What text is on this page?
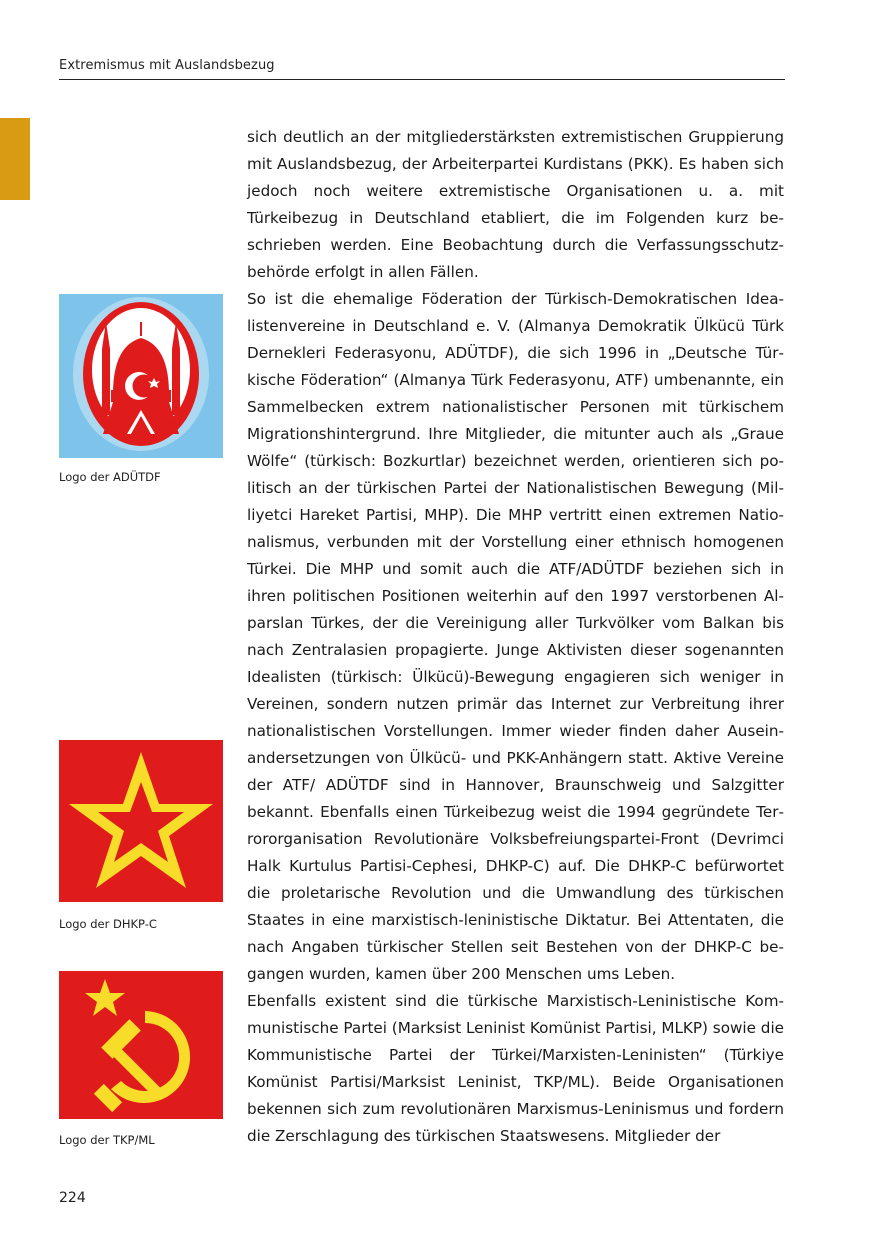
Extremismus mit Auslandsbezug
Logo der ADÜTDF
Logo der DHKP-C
Logo der TKP/ML

sich deutlich an der mitgliederstärksten extremistischen Gruppierung mit Auslandsbezug, der Arbeiterpartei Kurdistans (PKK). Es haben sich jedoch noch weitere extremistische Organisationen u. a. mit Türkeibezug in Deutschland etabliert, die im Folgenden kurz beschrieben werden. Eine Beobachtung durch die Verfassungsschutzbehörde erfolgt in allen Fällen.

So ist die ehemalige Föderation der Türkisch-Demokratischen Idealistenvereine in Deutschland e. V. (Almanya Demokratik Ülkücü Türk Dernekleri Federasyonu, ADÜTDF), die sich 1996 in „Deutsche Türkische Föderation“ (Almanya Türk Federasyonu, ATF) umbenannte, ein Sammelbecken extrem nationalistischer Personen mit türkischem Migrationshintergrund. Ihre Mitglieder, die mitunter auch als „Graue Wölfe“ (türkisch: Bozkurtlar) bezeichnet werden, orientieren sich politisch an der türkischen Partei der Nationalistischen Bewegung (Milliyetci Hareket Partisi, MHP). Die MHP vertritt einen extremen Nationalismus, verbunden mit der Vorstellung einer ethnisch homogenen Türkei. Die MHP und somit auch die ATF/ADÜTDF beziehen sich in ihren politischen Positionen weiterhin auf den 1997 verstorbenen Alparslan Türkes, der die Vereinigung aller Turkvölker vom Balkan bis nach Zentralasien propagierte. Junge Aktivisten dieser sogenannten Idealisten (türkisch: Ülkücü)-Bewegung engagieren sich weniger in Vereinen, sondern nutzen primär das Internet zur Verbreitung ihrer nationalistischen Vorstellungen. Immer wieder finden daher Auseinandersetzungen von Ülkücü- und PKK-Anhängern statt. Aktive Vereine der ATF/ ADÜTDF sind in Hannover, Braunschweig und Salzgitter bekannt. Ebenfalls einen Türkeibezug weist die 1994 gegründete Terrororganisation Revolutionäre Volksbefreiungspartei-Front (Devrimci Halk Kurtulus Partisi-Cephesi, DHKP-C) auf. Die DHKP-C befürwortet die proletarische Revolution und die Umwandlung des türkischen Staates in eine marxistisch-leninistische Diktatur. Bei Attentaten, die nach Angaben türkischer Stellen seit Bestehen von der DHKP-C begangen wurden, kamen über 200 Menschen ums Leben.

Ebenfalls existent sind die türkische Marxistisch-Leninistische Kommunistische Partei (Marksist Leninist Komünist Partisi, MLKP) sowie die Kommunistische Partei der Türkei/Marxisten-Leninisten“ (Türkiye Komünist Partisi/Marksist Leninist, TKP/ML). Beide Organisationen bekennen sich zum revolutionären Marxismus-Leninismus und fordern die Zerschlagung des türkischen Staatswesens. Mitglieder der

224
